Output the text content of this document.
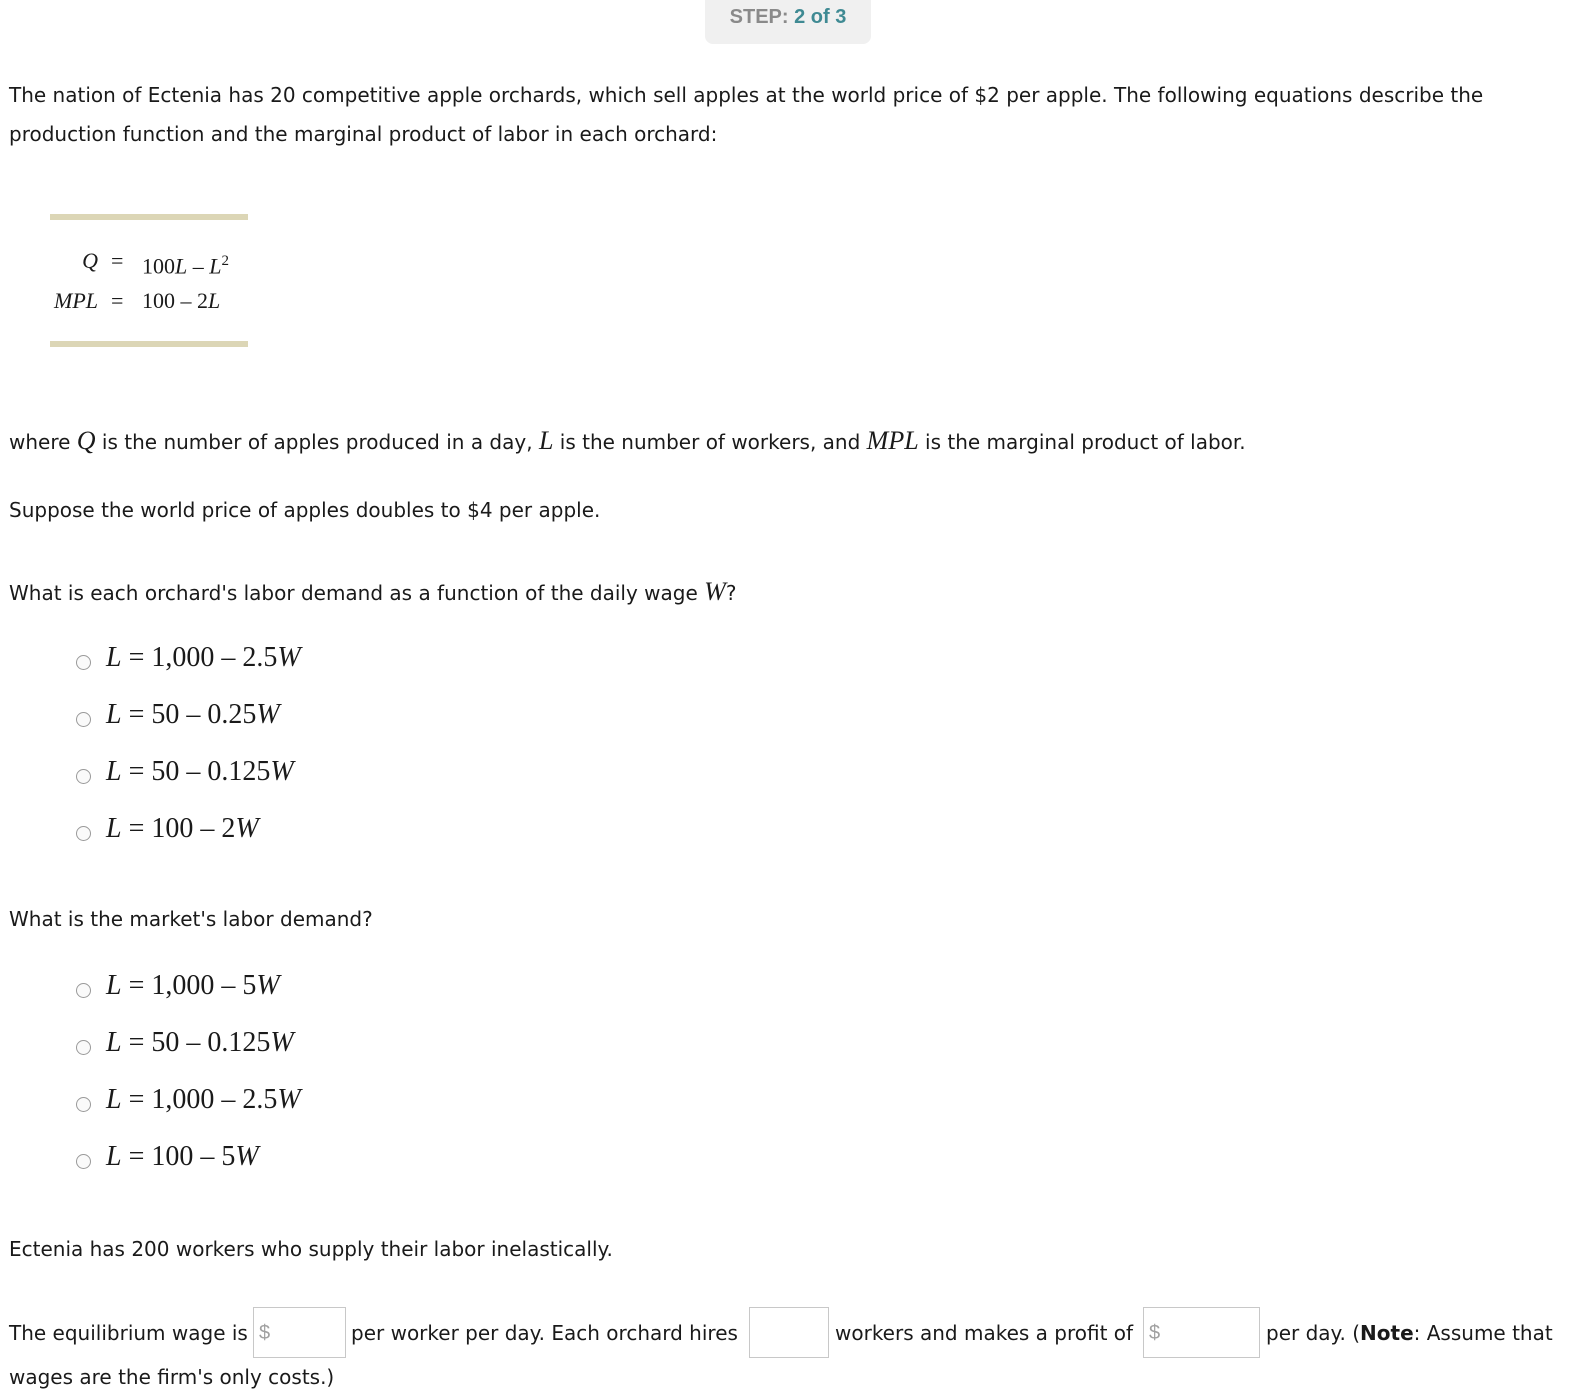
STEP: 2 of 3
The nation of Ectenia has 20 competitive apple orchards, which sell apples at the world price of $2 per apple. The following equations describe the production function and the marginal product of labor in each orchard:
$Q = 100L - L^2$
MPL = 100 – 2L
where Q is the number of apples produced in a day, L is the number of workers, and MPL is the marginal product of labor.
Suppose the world price of apples doubles to $4 per apple.
What is each orchard's labor demand as a function of the daily wage W?
L = 1,000 – 2.5W
L = 50 – 0.25W
L = 50 – 0.125W
L = 100 – 2W
What is the market's labor demand?
L = 1,000 – 5W
L = 50 – 0.125W
L = 1,000 – 2.5W
L = 100 – 5W
Ectenia has 200 workers who supply their labor inelastically.
The equilibrium wage is $	per worker per day. Each orchard hires	workers and makes a profit of $	per day. (Note: Assume that
wages are the firm's only costs.)
